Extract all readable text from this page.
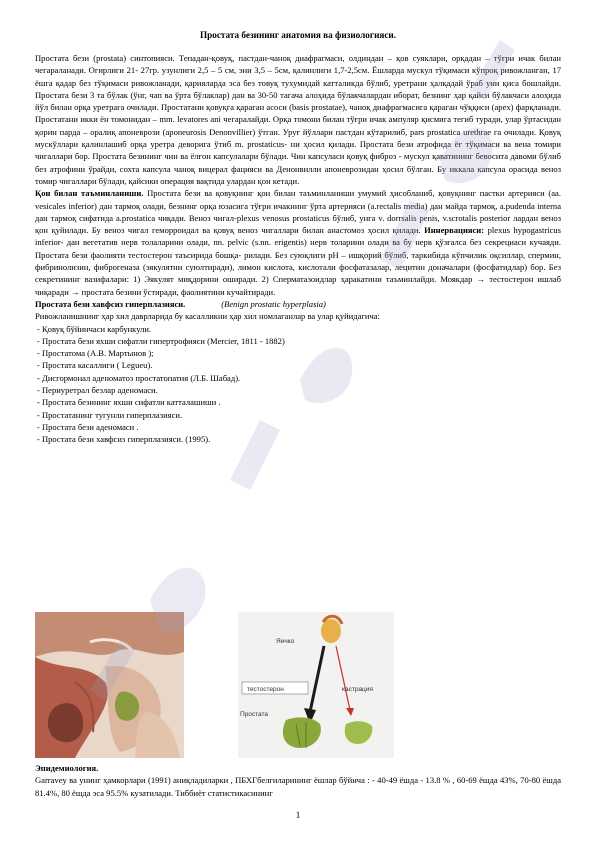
Простата безининг анатомия ва физиологияси.

Простата бези (prostata) синтопияси. Тепадан-қовуқ, пастдан-чаноқ диафрагмаси, олдиндан – қов суяклари, орқадан – тўғри ичак билан чегараланади. Огирлиги 21- 27гр. узунлиги 2,5 – 5 см, эни 3,5 – 5см, қалинлиги 1,7-2,5см. Ёшларда мускул тўқимаси кўпроқ ривожланган, 17 ёшга қадар без тўқимаси ривожланади, қарияларда эса без товуқ тухумидай катталикда бўлиб, уретрани ҳалқадай ўраб уни қиса бошлайди. Простата бези 3 та бўлак (ўнг, чап ва ўрта бўлаклар) дан ва 30-50 тагача алоҳида бўлакчалардан иборат, безнинг ҳар қайси бўлакчаси алоҳида йўл билан орқа уретрага очилади. Простатани қовуқга қараган асоси (basis prostatae), чаноқ диафрагмасига қараган чўққиси (apex) фарқланади. Простатани икки ён томонидан – mm. levatores ani чегаралайди. Орқа томони билан тўғри ичак ампуляр қисмига тегиб туради, улар ўртасидан қорин парда – оралиқ апоневрози (aponeurosis Denonvillier) ўтган. Уруғ йўллари пастдан кўтарилиб, pars prostatica urethrae га очилади. Қовуқ мускўллари қалинлашиб орқа уретра деворига ўтиб m. prostaticus- ни ҳосил қилади. Простата бези атрофида ёғ тўқимаси ва вена томири чигаллари бор. Простата безининг чин ва ёлғон капсулалари бўлади. Чин капсуласи қовуқ фиброз - мускул қаватининг бевосита давоми бўлиб без атрофини ўрайди, сохта капсула чаноқ вицерал фацияси ва Денонвилли апоневрозидан ҳосил бўлган. Бу иккала капсула орасида веноз томир чигаллари бўлади, қайсики операция вақтида улардан қон кетади.

Қон билан таъминланиши. Простата бези ва қовуқнинг қон билан таъминланиши умумий ҳисобланиб, қовуқнинг пастки артерияси (aa. vesicales inferior) дан тармоқ олади, безнинг орқа юзасига тўғри ичакнинг ўрта артерияси (a.rectalis media) дан майда тармоқ, a.pudenda interna дан тармоқ сифатида a.prostatica чиқади. Веноз чигал-plexus venosus prostaticus бўлиб, унга v. dorrsalis penis, v.scrotalis posterior лардан веноз қон қуйилади. Бу веноз чигал геморроидал ва қовуқ веноз чигаллари билан анастомоз ҳосил қилади. Иннервацияси: plexus hypogastricus inferior- дан вегетатив нерв толаларини олади, nn. pelvic (s.nn. erigentis) нерв толарини олади ва бу нерв қўзғалса без секрециаси кучаяди. Простата бези фаолияти тестостерон таъсирида бошқа- рилади. Без суюқлиги рН – ишқорий бўлиб, таркибида кўпчилик оқсиллар, спермин, фибринолизин, фиброгеназа (эякулятни суюлтиради), лимон кислота, кислотали фосфатазалар, лецитин доначалари (фосфатидлар) бор. Без секретининг вазифалари: 1) Эякулят миқдорини оширади. 2) Сперматазоидлар ҳаракатини таъминлайди. Моякдар → тестостерон ишлаб чиқаради → простата безини ўстиради, фаолиятини кучайтиради.

Простата бези хавфсиз гиперплазияси.	(Benign prostatic hyperplasia)

Ривожланишнинг ҳар хил даврларида бу касалликни ҳар хил номлаганлар ва улар қуйидагича:

- Қовуқ бўйинчаси карбункули.
- Простата бези яхши сифатли гипертрофияси (Mercier, 1811 - 1882)
- Простатома (А.В. Мартынов );
- Простата касаллиги ( Legueu).
- Дисгормонал аденоматоз простатопатия (Л.Б. Шабад).
- Периуретрал безлар аденомаси.
- Простата безининг яхши сифатли катталашиши .
- Простатанинг тугунли гиперплазияси.
- Простата бези аденомаси .
- Простата бези хавфсиз гиперплазияси. (1995).
Яичко
тестостерон	кастрация
Простата

Эпидемиология.

Garravey ва унинг ҳамкорлари (1991) аниқладиларки , ПБХГбелгиларининг ёшлар бўйича : - 40-49 ёшда - 13.8 % , 60-69 ёшда 43%, 70-80 ёшда 81.4%, 80 ёшда эса 95.5% кузатилади. Тиббиёт статистикасининг

1
